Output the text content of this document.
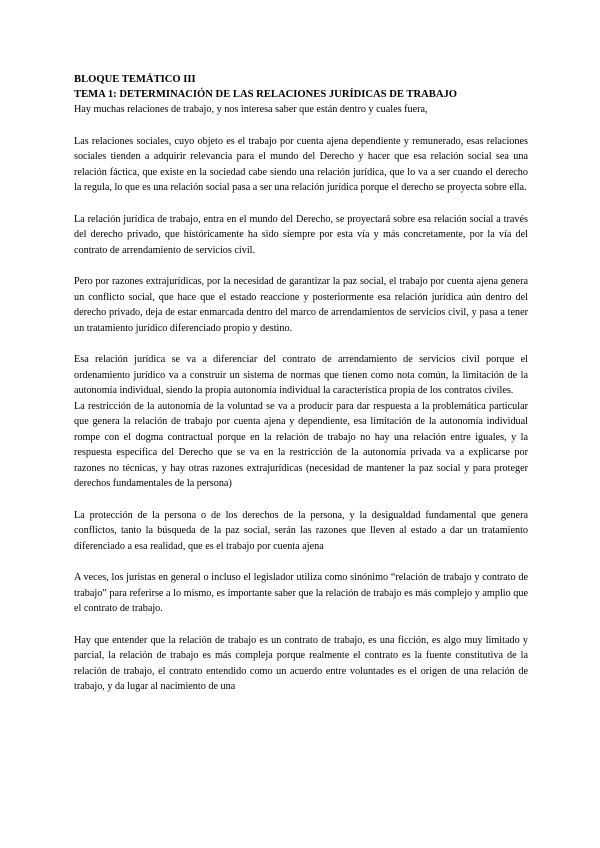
BLOQUE TEMÁTICO III

TEMA 1: DETERMINACIÓN DE LAS RELACIONES JURÍDICAS DE TRABAJO

Hay muchas relaciones de trabajo, y nos interesa saber que están dentro y cuales fuera,

Las relaciones sociales, cuyo objeto es el trabajo por cuenta ajena dependiente y remunerado, esas relaciones sociales tienden a adquirir relevancia para el mundo del Derecho y hacer que esa relación social sea una relación fáctica, que existe en la sociedad cabe siendo una relación jurídica, que lo va a ser cuando el derecho la regula, lo que es una relación social pasa a ser una relación jurídica porque el derecho se proyecta sobre ella.

La relación jurídica de trabajo, entra en el mundo del Derecho, se proyectará sobre esa relación social a través del derecho privado, que históricamente ha sido siempre por esta vía y más concretamente, por la vía del contrato de arrendamiento de servicios civil.

Pero por razones extrajurídicas, por la necesidad de garantizar la paz social, el trabajo por cuenta ajena genera un conflicto social, que hace que el estado reaccione y posteriormente esa relación jurídica aún dentro del derecho privado, deja de estar enmarcada dentro del marco de arrendamientos de servicios civil, y pasa a tener un tratamiento jurídico diferenciado propio y destino.

Esa relación jurídica se va a diferenciar del contrato de arrendamiento de servicios civil porque el ordenamiento jurídico va a construir un sistema de normas que tienen como nota común, la limitación de la autonomía individual, siendo la propia autonomía individual la característica propia de los contratos civiles.

La restricción de la autonomía de la voluntad se va a producir para dar respuesta a la problemática particular que genera la relación de trabajo por cuenta ajena y dependiente, esa limitación de la autonomía individual rompe con el dogma contractual porque en la relación de trabajo no hay una relación entre iguales, y la respuesta específica del Derecho que se va en la restricción de la autonomía privada va a explicarse por razones no técnicas, y hay otras razones extrajurídicas (necesidad de mantener la paz social y para proteger derechos fundamentales de la persona)

La protección de la persona o de los derechos de la persona, y la desigualdad fundamental que genera conflictos, tanto la búsqueda de la paz social, serán las razones que lleven al estado a dar un tratamiento diferenciado a esa realidad, que es el trabajo por cuenta ajena

A veces, los juristas en general o incluso el legislador utiliza como sinónimo “relación de trabajo y contrato de trabajo” para referirse a lo mismo, es importante saber que la relación de trabajo es más complejo y amplio que el contrato de trabajo.

Hay que entender que la relación de trabajo es un contrato de trabajo, es una ficción, es algo muy limitado y parcial, la relación de trabajo es más compleja porque realmente el contrato es la fuente constitutiva de la relación de trabajo, el contrato entendido como un acuerdo entre voluntades es el origen de una relación de trabajo, y da lugar al nacimiento de una
